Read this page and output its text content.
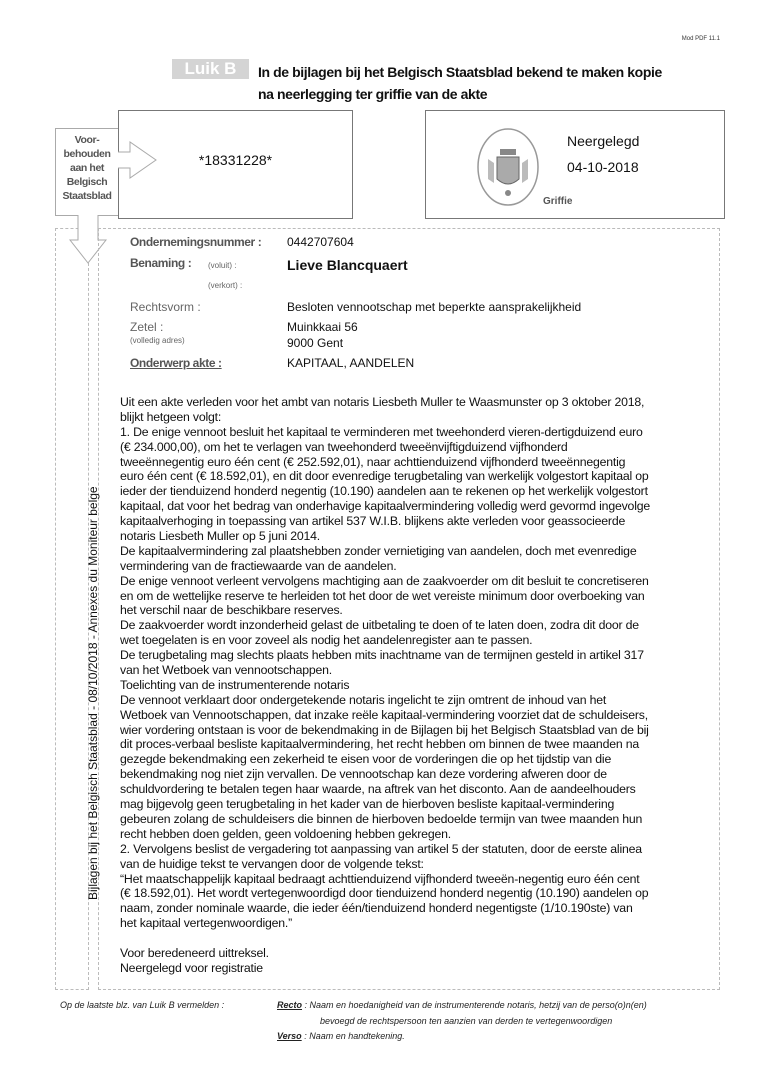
Mod PDF 11.1
Luik B	In de bijlagen bij het Belgisch Staatsblad bekend te maken kopie
na neerlegging ter griffie van de akte
Voor-
behouden
aan het
Belgisch
Staatsblad
*18331228*
Neergelegd
04-10-2018
Griffie
Bijlagen bij het Belgisch Staatsblad - 08/10/2018 - Annexes du Moniteur belge
Ondernemingsnummer : 0442707604
Benaming : (voluit) :	Lieve Blancquaert
(verkort) :
Rechtsvorm :	Besloten vennootschap met beperkte aansprakelijkheid
Zetel :
(volledig adres)
Muinkkaai 56
9000 Gent
Onderwerp akte :	KAPITAAL, AANDELEN
Uit een akte verleden voor het ambt van notaris Liesbeth Muller te Waasmunster op 3 oktober 2018,
blijkt hetgeen volgt:
1. De enige vennoot besluit het kapitaal te verminderen met tweehonderd vieren-dertigduizend euro
(€ 234.000,00), om het te verlagen van tweehonderd tweeënvijftigduizend vijfhonderd
tweeënnegentig euro één cent (€ 252.592,01), naar achttienduizend vijfhonderd tweeënnegentig
euro één cent (€ 18.592,01), en dit door evenredige terugbetaling van werkelijk volgestort kapitaal op
ieder der tienduizend honderd negentig (10.190) aandelen aan te rekenen op het werkelijk volgestort
kapitaal, dat voor het bedrag van onderhavige kapitaalvermindering volledig werd gevormd ingevolge
kapitaalverhoging in toepassing van artikel 537 W.I.B. blijkens akte verleden voor geassocieerde
notaris Liesbeth Muller op 5 juni 2014.
De kapitaalvermindering zal plaatshebben zonder vernietiging van aandelen, doch met evenredige
vermindering van de fractiewaarde van de aandelen.
De enige vennoot verleent vervolgens machtiging aan de zaakvoerder om dit besluit te concretiseren
en om de wettelijke reserve te herleiden tot het door de wet vereiste minimum door overboeking van
het verschil naar de beschikbare reserves.
De zaakvoerder wordt inzonderheid gelast de uitbetaling te doen of te laten doen, zodra dit door de
wet toegelaten is en voor zoveel als nodig het aandelenregister aan te passen.
De terugbetaling mag slechts plaats hebben mits inachtname van de termijnen gesteld in artikel 317
van het Wetboek van vennootschappen.
Toelichting van de instrumenterende notaris
De vennoot verklaart door ondergetekende notaris ingelicht te zijn omtrent de inhoud van het
Wetboek van Vennootschappen, dat inzake reële kapitaal-vermindering voorziet dat de schuldeisers,
wier vordering ontstaan is voor de bekendmaking in de Bijlagen bij het Belgisch Staatsblad van de bij
dit proces-verbaal besliste kapitaalvermindering, het recht hebben om binnen de twee maanden na
gezegde bekendmaking een zekerheid te eisen voor de vorderingen die op het tijdstip van die
bekendmaking nog niet zijn vervallen. De vennootschap kan deze vordering afweren door de
schuldvordering te betalen tegen haar waarde, na aftrek van het disconto. Aan de aandeelhouders
mag bijgevolg geen terugbetaling in het kader van de hierboven besliste kapitaal-vermindering
gebeuren zolang de schuldeisers die binnen de hierboven bedoelde termijn van twee maanden hun
recht hebben doen gelden, geen voldoening hebben gekregen.
2. Vervolgens beslist de vergadering tot aanpassing van artikel 5 der statuten, door de eerste alinea
van de huidige tekst te vervangen door de volgende tekst:
“Het maatschappelijk kapitaal bedraagt achttienduizend vijfhonderd tweeën-negentig euro één cent
(€ 18.592,01). Het wordt vertegenwoordigd door tienduizend honderd negentig (10.190) aandelen op
naam, zonder nominale waarde, die ieder één/tienduizend honderd negentigste (1/10.190ste) van
het kapitaal vertegenwoordigen.”

Voor beredeneerd uittreksel.
Neergelegd voor registratie
Op de laatste blz. van Luik B vermelden :	Recto : Naam en hoedanigheid van de instrumenterende notaris, hetzij van de perso(o)n(en)
bevoegd de rechtspersoon ten aanzien van derden te vertegenwoordigen
Verso : Naam en handtekening.
